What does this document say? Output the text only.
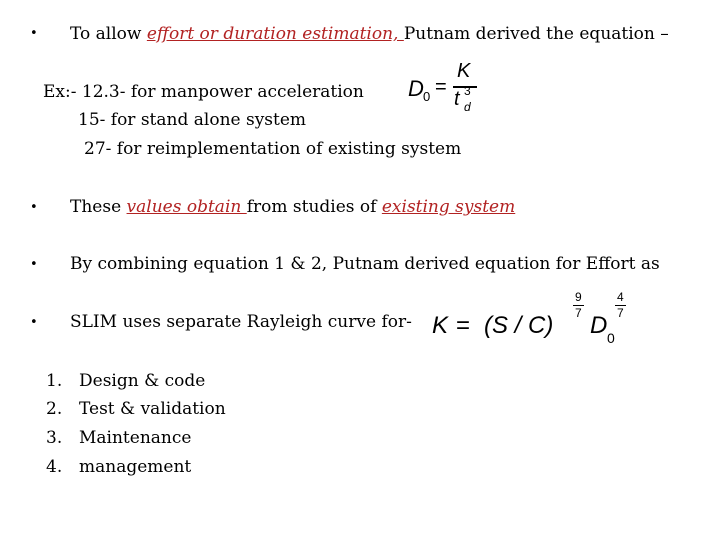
• To allow effort or duration estimation, Putnam derived the equation –
Ex:- 12.3- for manpower acceleration
15- for stand alone system
27- for reimplementation of existing system
D 0 =
K
t 3
d
• These values obtain from studies of existing system
• By combining equation 1 & 2, Putnam derived equation for Effort as
• SLIM uses separate Rayleigh curve for- K = (S / C)
9
7 D 0
4
7
1. Design & code
2. Test & validation
3. Maintenance
4. management
